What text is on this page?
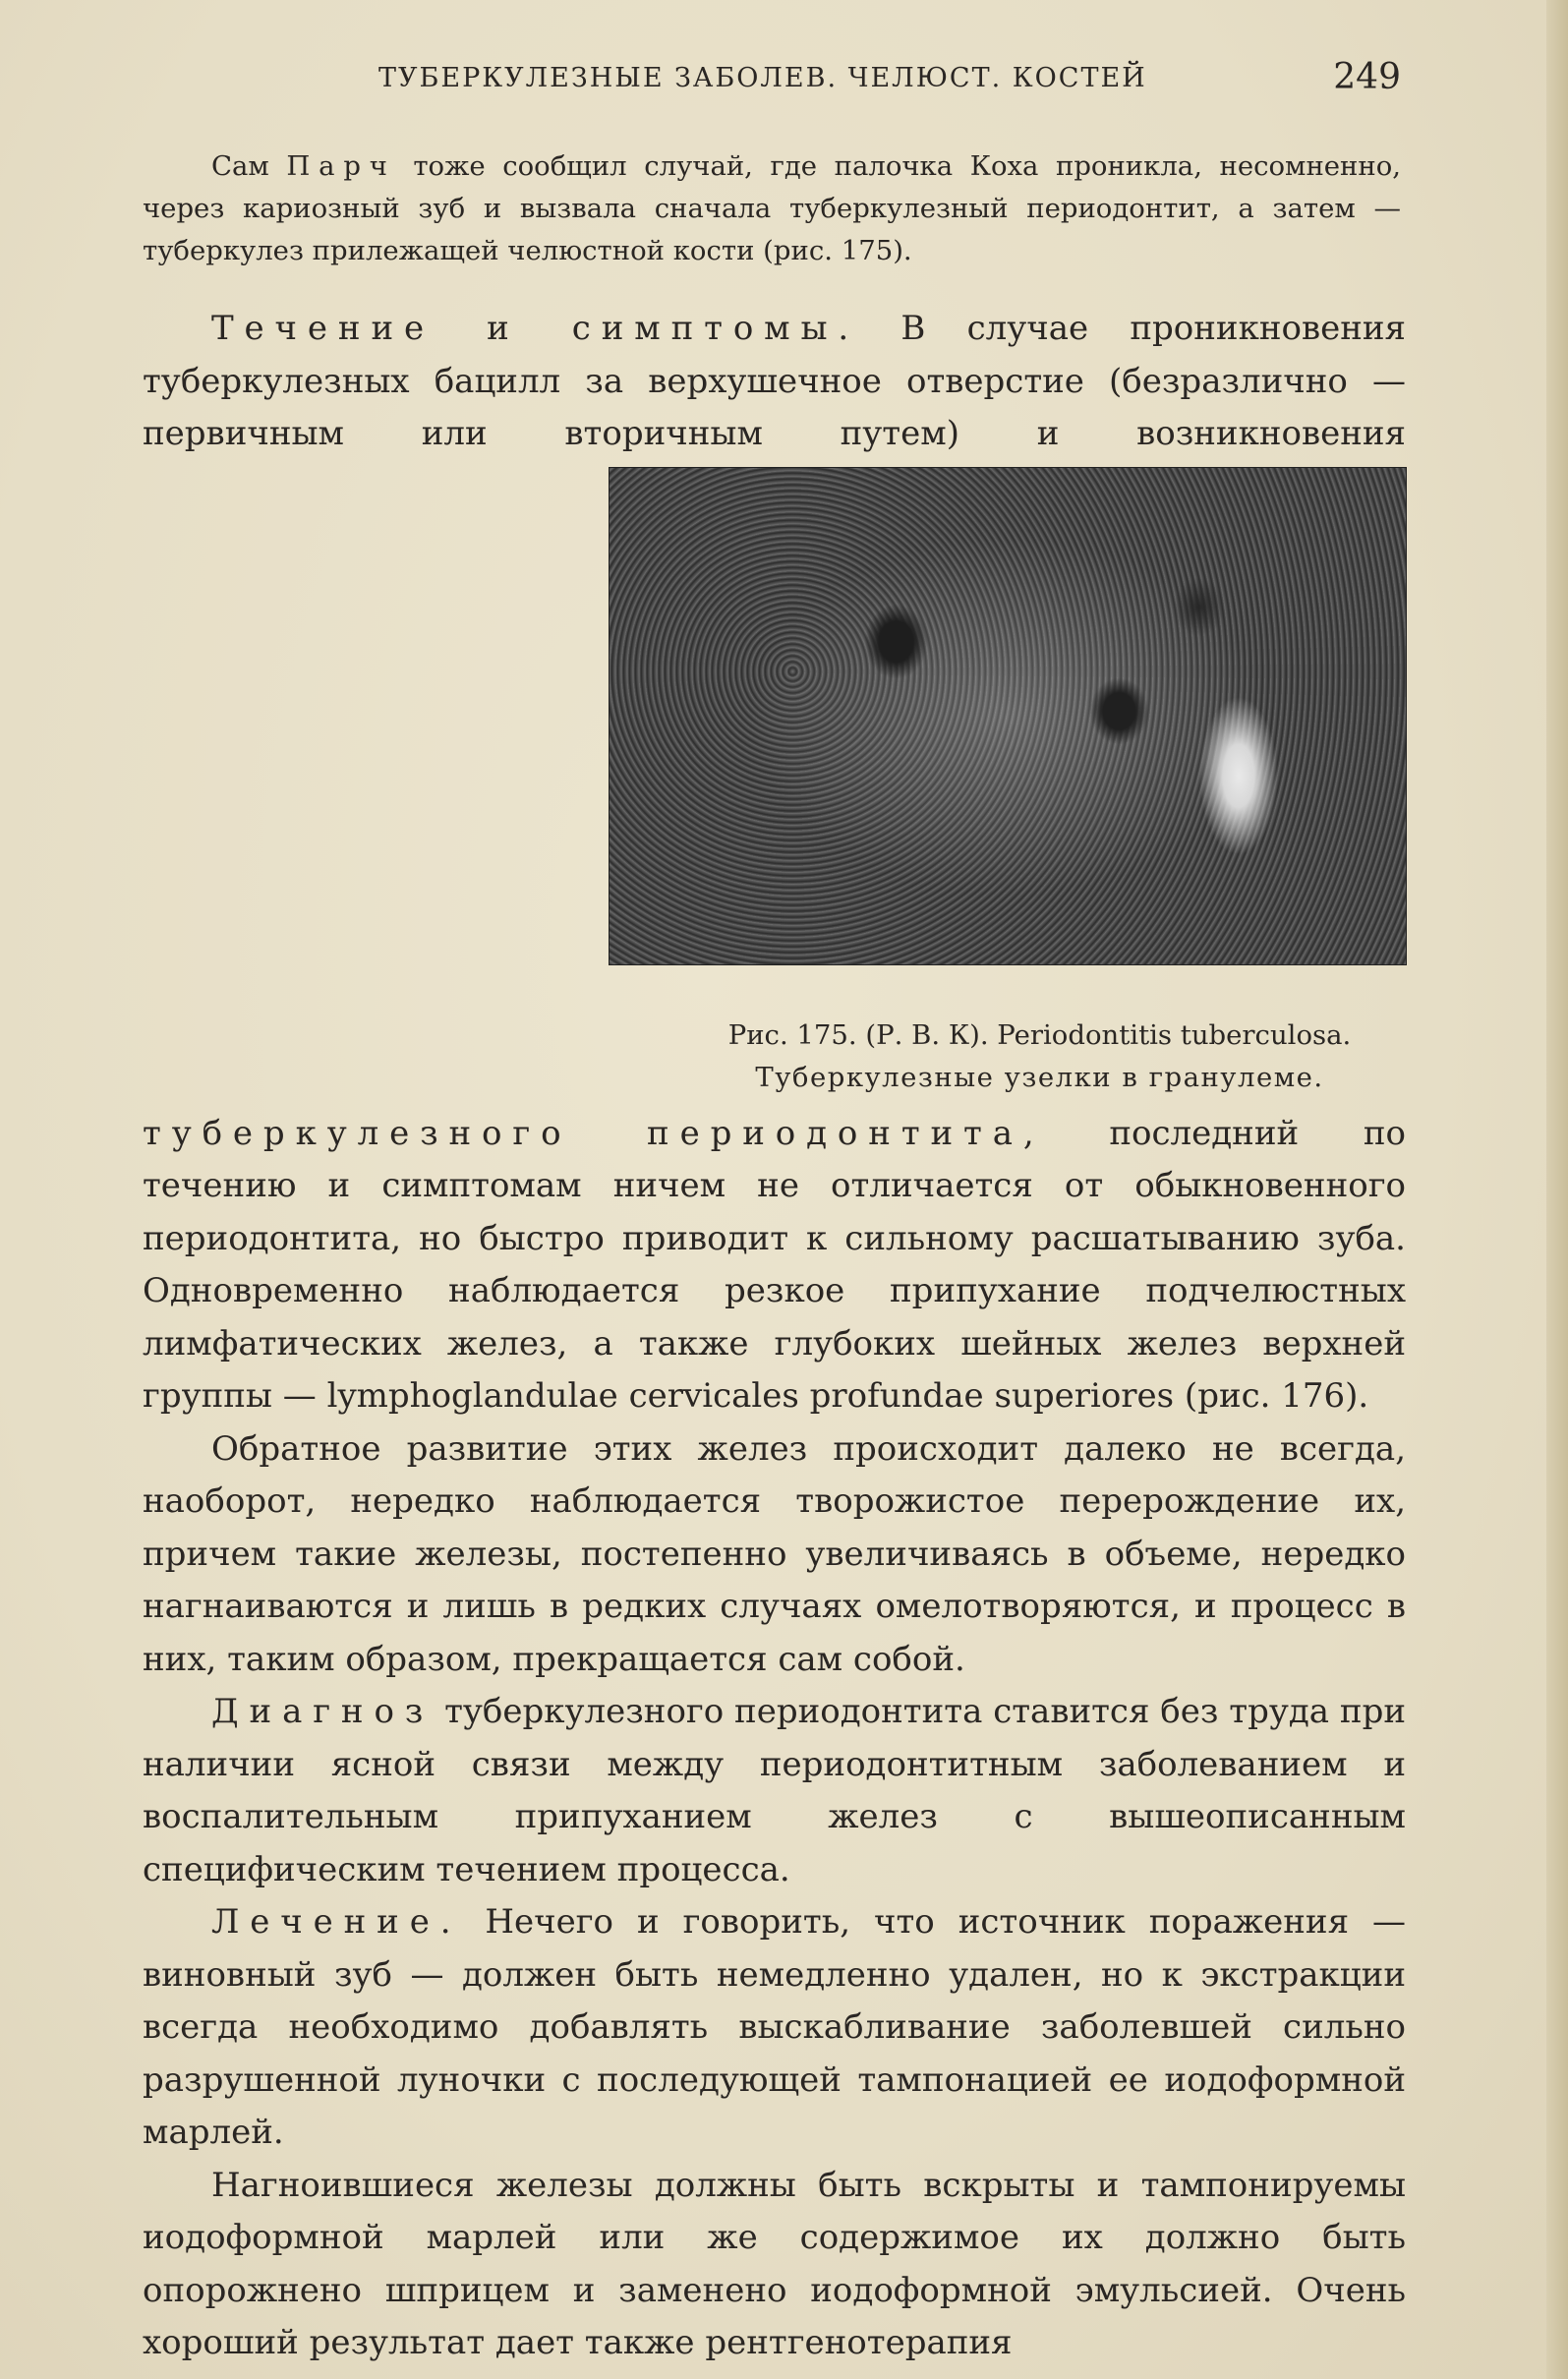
ТУБЕРКУЛЕЗНЫЕ ЗАБОЛЕВ. ЧЕЛЮСТ. КОСТЕЙ	249

Сам Парч тоже сообщил случай, где палочка Коха проникла, несомненно, через кариозный зуб и вызвала сначала туберкулезный периодонтит, а затем — туберкулез прилежащей челюстной кости (рис. 175).

Течение и симптомы. В случае проникновения туберкулезных бацилл за верхушечное отверстие (безразлично — первичным или вторичным путем) и возникновения
Рис. 175. (Р. В. К). Periodontitis tuberculosa.
Туберкулезные узелки в гранулеме.
туберкулезного периодонтита, последний по течению и симптомам ничем не отличается от обыкновенного периодонтита, но быстро приводит к сильному расшатыванию зуба. Одновременно наблюдается резкое припухание подчелюстных лимфатических желез, а также глубоких шейных желез верхней группы — lymphoglandulae cervicales profundae superiores (рис. 176).

Обратное развитие этих желез происходит далеко не всегда, наоборот, нередко наблюдается творожистое перерождение их, причем такие железы, постепенно увеличиваясь в объеме, нередко нагнаиваются и лишь в редких случаях омелотворяются, и процесс в них, таким образом, прекращается сам собой.

Диагноз туберкулезного периодонтита ставится без труда при наличии ясной связи между периодонтитным заболеванием и воспалительным припуханием желез с вышеописанным специфическим течением процесса.

Лечение. Нечего и говорить, что источник поражения — виновный зуб — должен быть немедленно удален, но к экстракции всегда необходимо добавлять выскабливание заболевшей сильно разрушенной луночки с последующей тампонацией ее иодоформной марлей.

Нагноившиеся железы должны быть вскрыты и тампонируемы иодоформной марлей или же содержимое их должно быть опорожнено шприцем и заменено иодоформной эмульсией. Очень хороший результат дает также рентгенотерапия
